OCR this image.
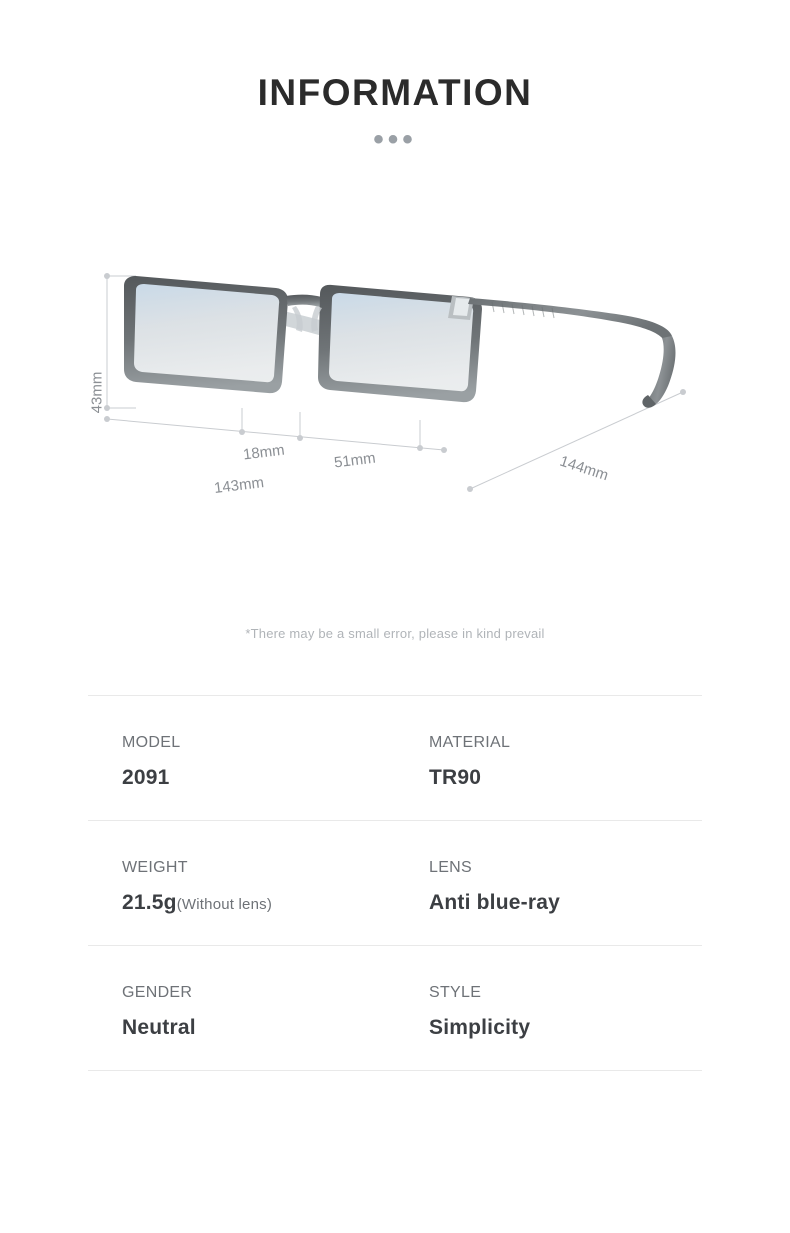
INFORMATION
•••
43mm
18mm	51mm
143mm
144mm
*There may be a small error, please in kind prevail
MODEL
2091
MATERIAL
TR90
WEIGHT
21.5g(Without lens)
LENS
Anti blue-ray
GENDER
Neutral
STYLE
Simplicity
